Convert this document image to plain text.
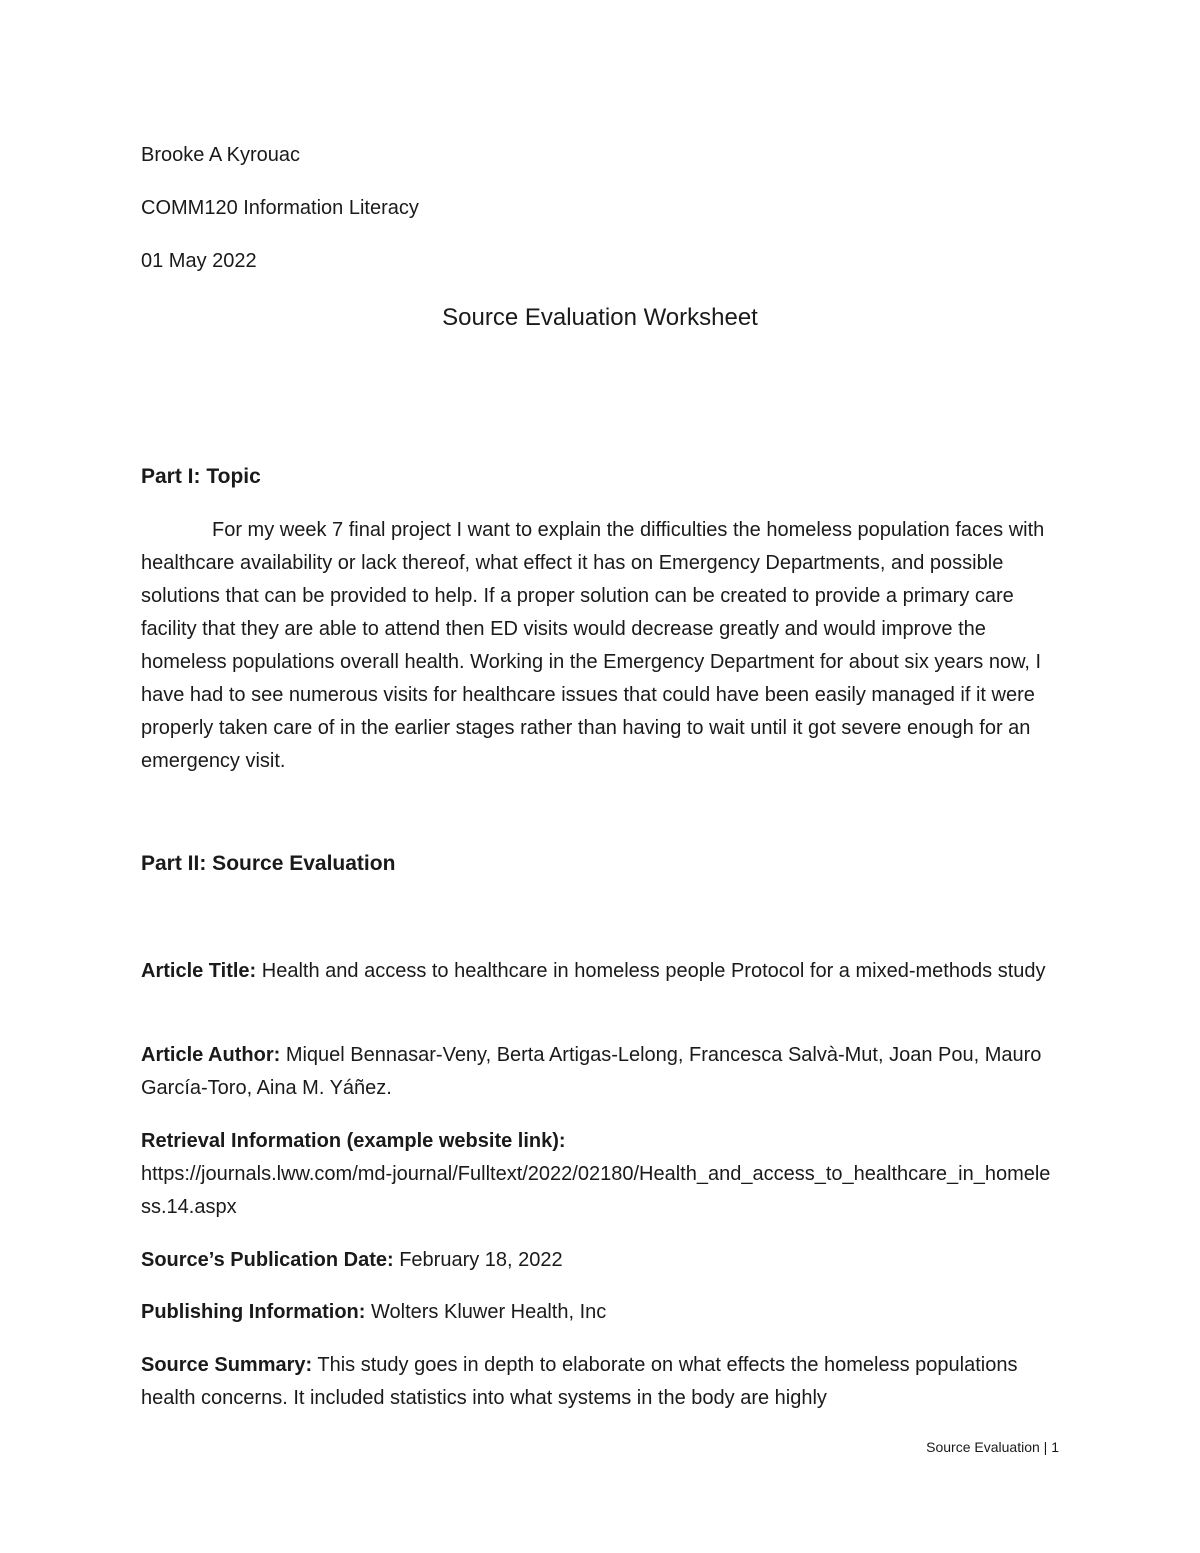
Brooke A Kyrouac
COMM120 Information Literacy
01 May 2022
Source Evaluation Worksheet
Part I: Topic

For my week 7 final project I want to explain the difficulties the homeless population faces with healthcare availability or lack thereof, what effect it has on Emergency Departments, and possible solutions that can be provided to help. If a proper solution can be created to provide a primary care facility that they are able to attend then ED visits would decrease greatly and would improve the homeless populations overall health. Working in the Emergency Department for about six years now, I have had to see numerous visits for healthcare issues that could have been easily managed if it were properly taken care of in the earlier stages rather than having to wait until it got severe enough for an emergency visit.

Part II: Source Evaluation
Article Title: Health and access to healthcare in homeless people Protocol for a mixed-methods study
Article Author: Miquel Bennasar-Veny, Berta Artigas-Lelong, Francesca Salvà-Mut, Joan Pou, Mauro García-Toro, Aina M. Yáñez.
Retrieval Information (example website link):
https://journals.lww.com/md-journal/Fulltext/2022/02180/Health_and_access_to_healthcare_in_homeless.14.aspx
Source’s Publication Date: February 18, 2022
Publishing Information: Wolters Kluwer Health, Inc
Source Summary: This study goes in depth to elaborate on what effects the homeless populations health concerns. It included statistics into what systems in the body are highly
Source Evaluation | 1
